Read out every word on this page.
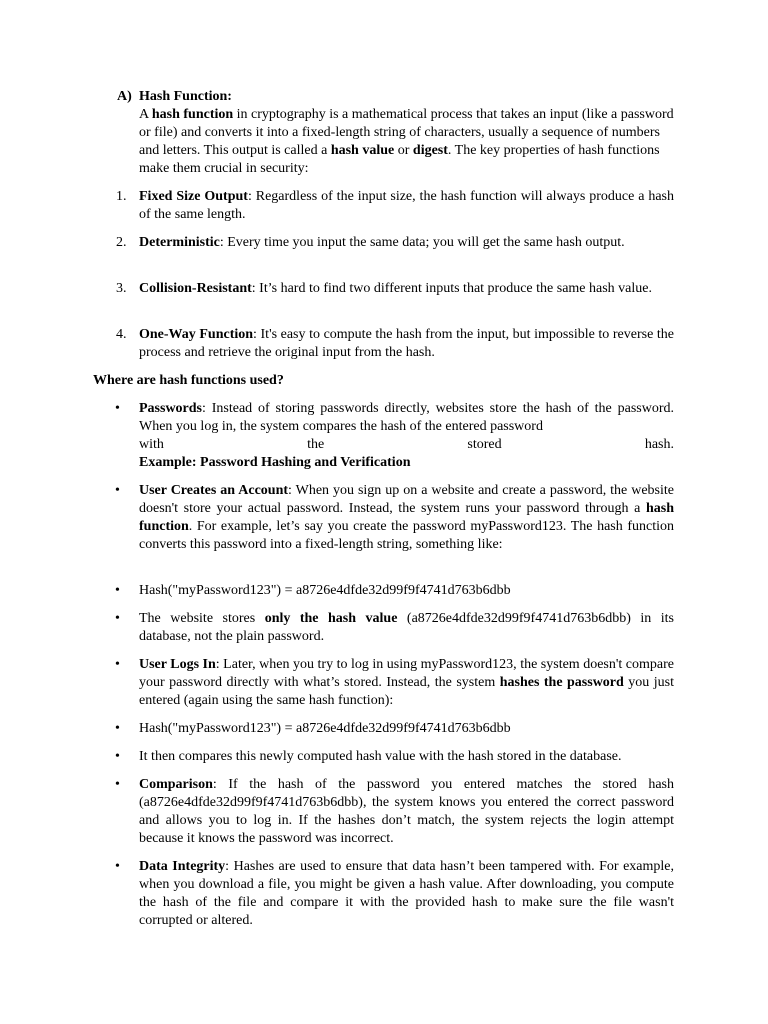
A) Hash Function:
A hash function in cryptography is a mathematical process that takes an input (like a password or file) and converts it into a fixed-length string of characters, usually a sequence of numbers and letters. This output is called a hash value or digest. The key properties of hash functions make them crucial in security:
1. Fixed Size Output: Regardless of the input size, the hash function will always produce a hash of the same length.
2. Deterministic: Every time you input the same data; you will get the same hash output.
3. Collision-Resistant: It’s hard to find two different inputs that produce the same hash value.
4. One-Way Function: It's easy to compute the hash from the input, but impossible to reverse the process and retrieve the original input from the hash.
Where are hash functions used?
• Passwords: Instead of storing passwords directly, websites store the hash of the password. When you log in, the system compares the hash of the entered password
with	the	stored	hash.
Example: Password Hashing and Verification
• User Creates an Account: When you sign up on a website and create a password, the website doesn't store your actual password. Instead, the system runs your password through a hash function. For example, let’s say you create the password myPassword123. The hash function converts this password into a fixed-length string, something like:
• Hash("myPassword123") = a8726e4dfde32d99f9f4741d763b6dbb
• The website stores only the hash value (a8726e4dfde32d99f9f4741d763b6dbb) in its database, not the plain password.
• User Logs In: Later, when you try to log in using myPassword123, the system doesn't compare your password directly with what’s stored. Instead, the system hashes the password you just entered (again using the same hash function):
• Hash("myPassword123") = a8726e4dfde32d99f9f4741d763b6dbb
• It then compares this newly computed hash value with the hash stored in the database.
• Comparison: If the hash of the password you entered matches the stored hash (a8726e4dfde32d99f9f4741d763b6dbb), the system knows you entered the correct password and allows you to log in. If the hashes don’t match, the system rejects the login attempt because it knows the password was incorrect.
• Data Integrity: Hashes are used to ensure that data hasn’t been tampered with. For example, when you download a file, you might be given a hash value. After downloading, you compute the hash of the file and compare it with the provided hash to make sure the file wasn't corrupted or altered.
